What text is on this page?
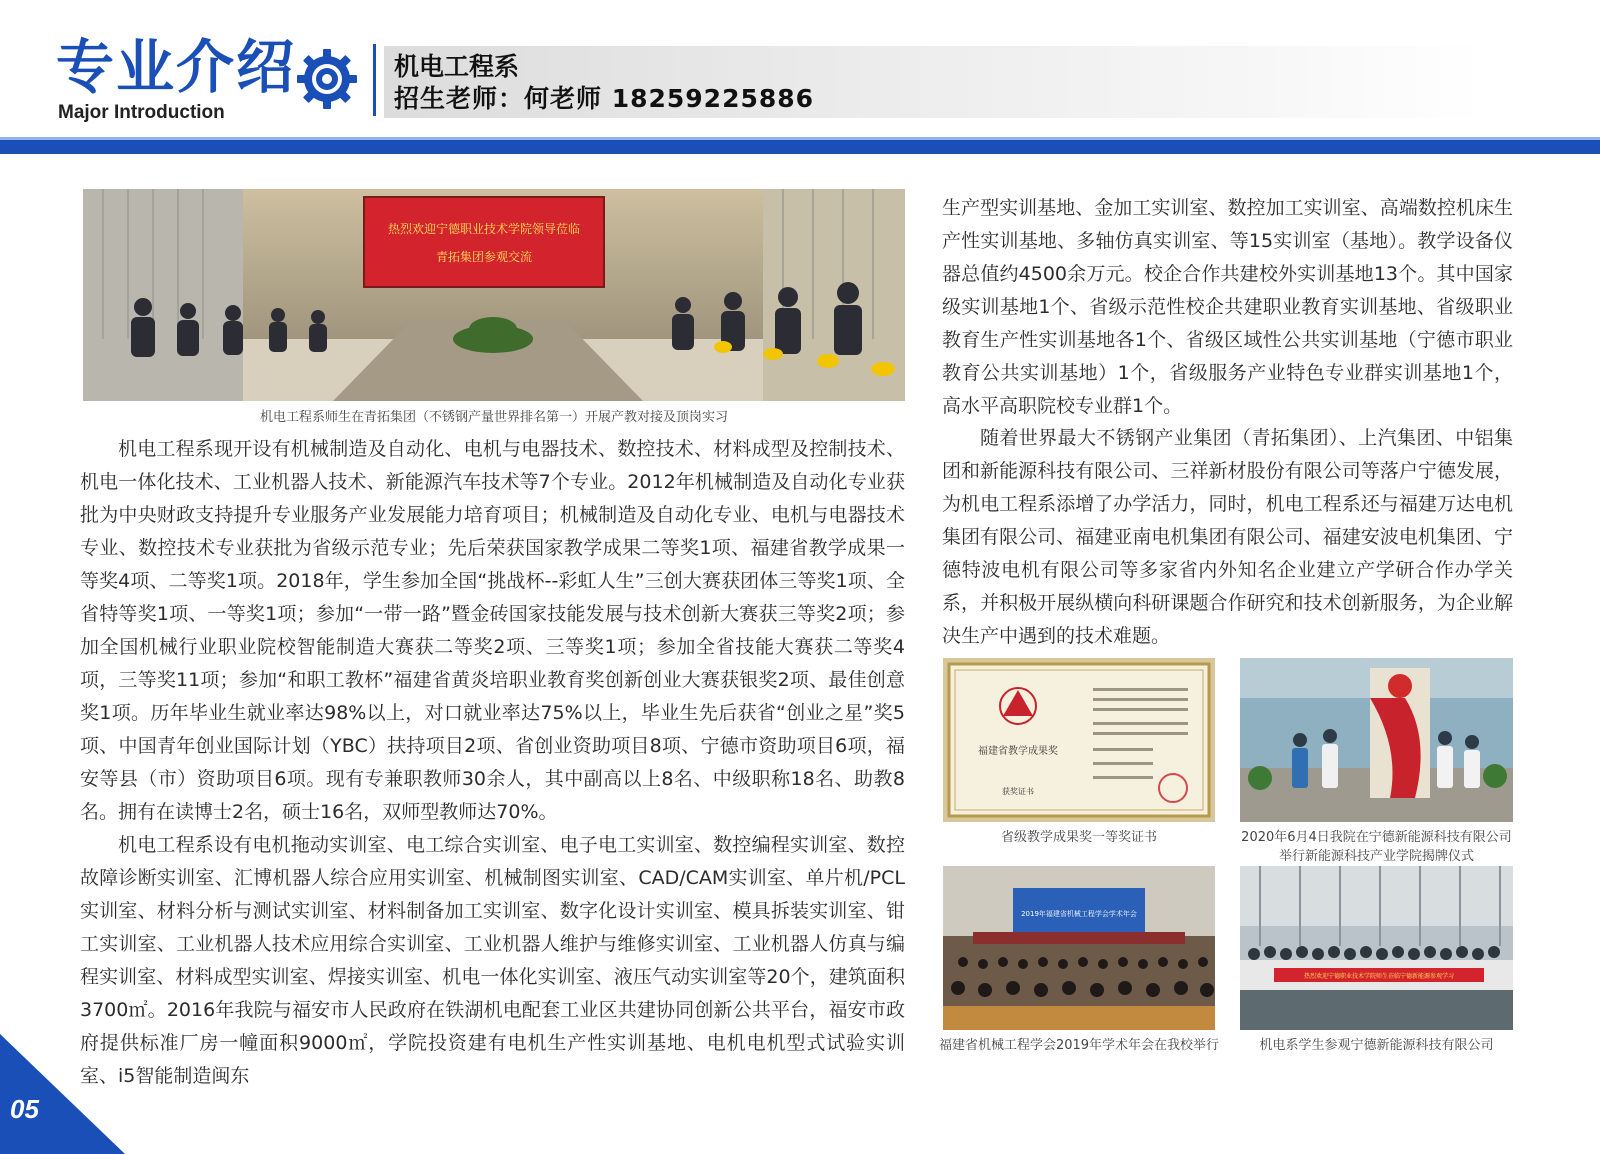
专业介绍
Major Introduction
机电工程系
招生老师：何老师 18259225886
热烈欢迎宁德职业技术学院领导莅临
青拓集团参观交流
机电工程系师生在青拓集团（不锈钢产量世界排名第一）开展产教对接及顶岗实习
机电工程系现开设有机械制造及自动化、电机与电器技术、数控技术、材料成型及控制技术、机电一体化技术、工业机器人技术、新能源汽车技术等7个专业。2012年机械制造及自动化专业获批为中央财政支持提升专业服务产业发展能力培育项目；机械制造及自动化专业、电机与电器技术专业、数控技术专业获批为省级示范专业；先后荣获国家教学成果二等奖1项、福建省教学成果一等奖4项、二等奖1项。2018年，学生参加全国“挑战杯--彩虹人生”三创大赛获团体三等奖1项、全省特等奖1项、一等奖1项；参加“一带一路”暨金砖国家技能发展与技术创新大赛获三等奖2项；参加全国机械行业职业院校智能制造大赛获二等奖2项、三等奖1项；参加全省技能大赛获二等奖4项，三等奖11项；参加“和职工教杯”福建省黄炎培职业教育奖创新创业大赛获银奖2项、最佳创意奖1项。历年毕业生就业率达98%以上，对口就业率达75%以上，毕业生先后获省“创业之星”奖5项、中国青年创业国际计划（YBC）扶持项目2项、省创业资助项目8项、宁德市资助项目6项，福安等县（市）资助项目6项。现有专兼职教师30余人，其中副高以上8名、中级职称18名、助教8名。拥有在读博士2名，硕士16名，双师型教师达70%。
机电工程系设有电机拖动实训室、电工综合实训室、电子电工实训室、数控编程实训室、数控故障诊断实训室、汇博机器人综合应用实训室、机械制图实训室、CAD/CAM实训室、单片机/PCL实训室、材料分析与测试实训室、材料制备加工实训室、数字化设计实训室、模具拆装实训室、钳工实训室、工业机器人技术应用综合实训室、工业机器人维护与维修实训室、工业机器人仿真与编程实训室、材料成型实训室、焊接实训室、机电一体化实训室、液压气动实训室等20个，建筑面积3700㎡。2016年我院与福安市人民政府在铁湖机电配套工业区共建协同创新公共平台，福安市政府提供标准厂房一幢面积9000㎡，学院投资建有电机生产性实训基地、电机电机型式试验实训室、i5智能制造闽东
生产型实训基地、金加工实训室、数控加工实训室、高端数控机床生产性实训基地、多轴仿真实训室、等15实训室（基地）。教学设备仪器总值约4500余万元。校企合作共建校外实训基地13个。其中国家级实训基地1个、省级示范性校企共建职业教育实训基地、省级职业教育生产性实训基地各1个、省级区域性公共实训基地（宁德市职业教育公共实训基地）1个，省级服务产业特色专业群实训基地1个，高水平高职院校专业群1个。
随着世界最大不锈钢产业集团（青拓集团）、上汽集团、中铝集团和新能源科技有限公司、三祥新材股份有限公司等落户宁德发展，为机电工程系添增了办学活力，同时，机电工程系还与福建万达电机集团有限公司、福建亚南电机集团有限公司、福建安波电机集团、宁德特波电机有限公司等多家省内外知名企业建立产学研合作办学关系，并积极开展纵横向科研课题合作研究和技术创新服务，为企业解决生产中遇到的技术难题。
福建省教学成果奖
获奖证书
省级教学成果奖一等奖证书	2020年6月4日我院在宁德新能源科技有限公司举行新能源科技产业学院揭牌仪式
2019年福建省机械工程学会学术年会
福建省机械工程学会2019年学术年会在我校举行
热烈欢迎宁德职业技术学院师生莅临宁德新能源参观学习
机电系学生参观宁德新能源科技有限公司
05
